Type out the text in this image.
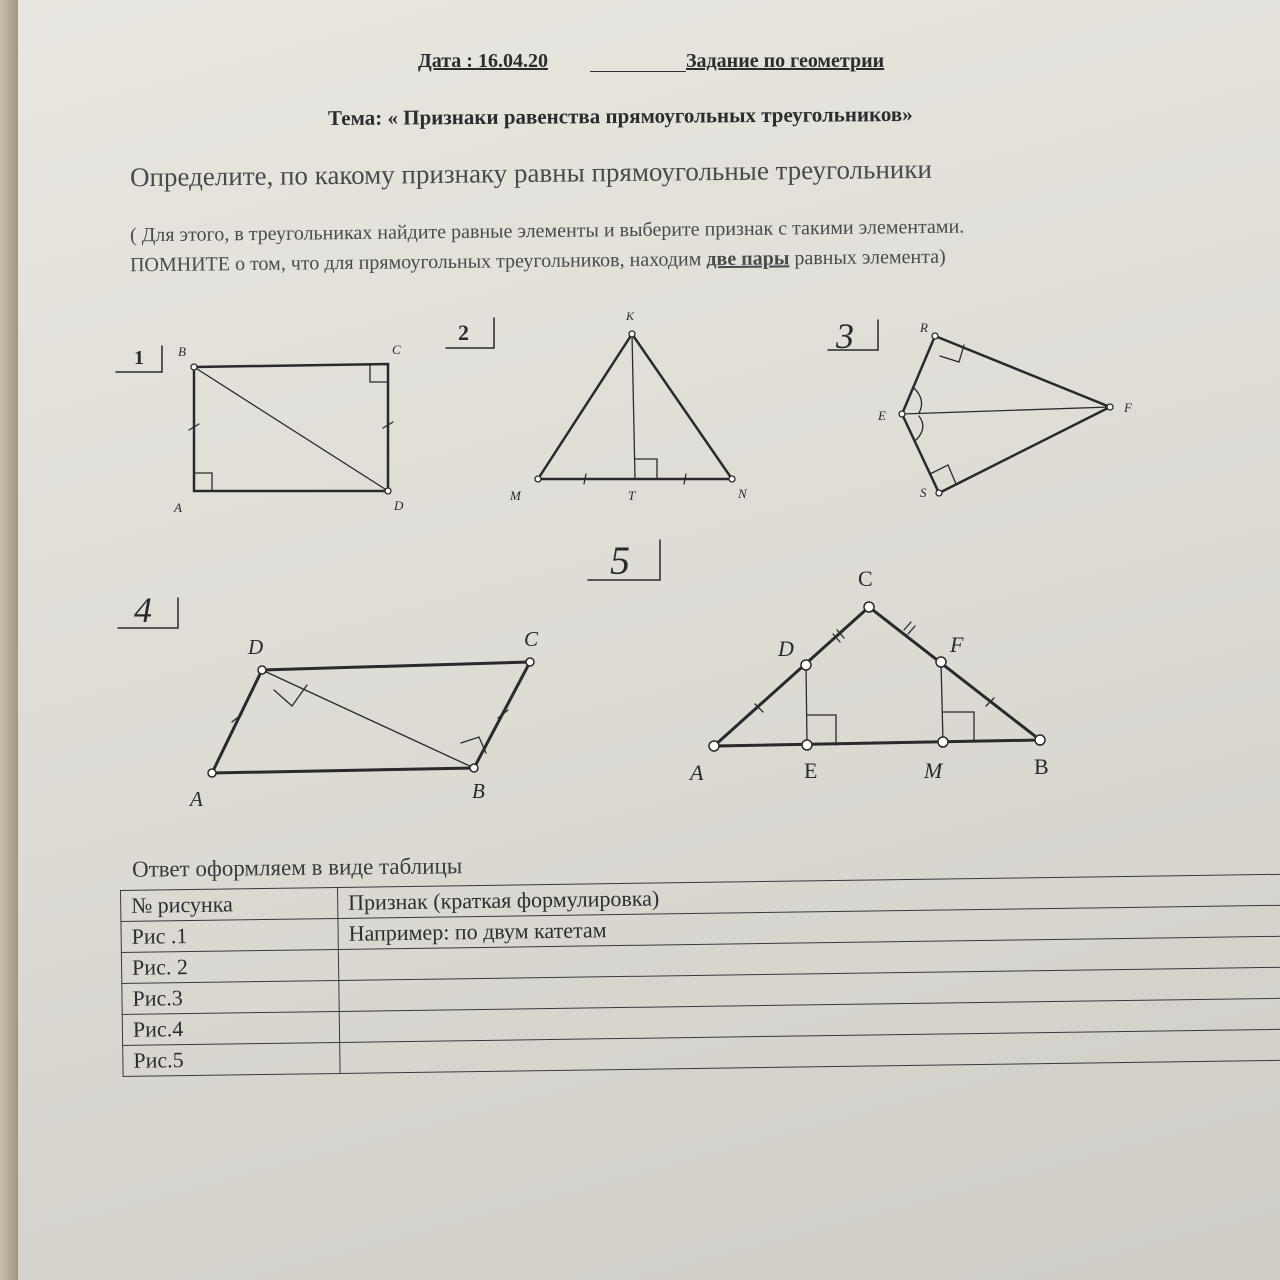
Дата : 16.04.20	Задание по геометрии
Тема: « Признаки равенства прямоугольных треугольников»
Определите, по какому признаку равны прямоугольные треугольники
( Для этого, в треугольниках найдите равные элементы и выберите признак с такими элементами.
ПОМНИТЕ о том, что для прямоугольных треугольников, находим две пары равных элемента)
1
2	3
4
5
B	C
A	D
K
M	T	N
R
E
F
S
D	C
A	B
C
D	F
A	E	M	B
Ответ оформляем в виде таблицы
№ рисунка	Признак (краткая формулировка)
Рис .1	Например: по двум катетам
Рис. 2	
Рис.3	
Рис.4	
Рис.5	
